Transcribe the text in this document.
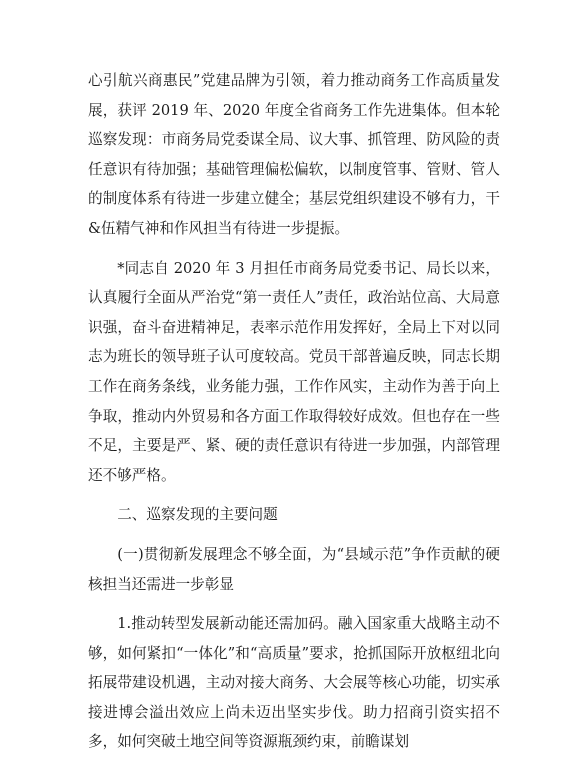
心引航兴商惠民”党建品牌为引领，着力推动商务工作高质量发展，获评 2019 年、2020 年度全省商务工作先进集体。但本轮巡察发现：市商务局党委谋全局、议大事、抓管理、防风险的责任意识有待加强；基础管理偏松偏软，以制度管事、管财、管人的制度体系有待进一步建立健全；基层党组织建设不够有力，干&伍精气神和作风担当有待进一步提振。

*同志自 2020 年 3 月担任市商务局党委书记、局长以来，认真履行全面从严治党“第一责任人”责任，政治站位高、大局意识强，奋斗奋进精神足，表率示范作用发挥好，全局上下对以同志为班长的领导班子认可度较高。党员干部普遍反映，同志长期工作在商务条线，业务能力强，工作作风实，主动作为善于向上争取，推动内外贸易和各方面工作取得较好成效。但也存在一些不足，主要是严、紧、硬的责任意识有待进一步加强，内部管理还不够严格。

二、巡察发现的主要问题

(一)贯彻新发展理念不够全面，为“县域示范”争作贡献的硬核担当还需进一步彰显

1.推动转型发展新动能还需加码。融入国家重大战略主动不够，如何紧扣“一体化”和“高质量”要求，抢抓国际开放枢纽北向拓展带建设机遇，主动对接大商务、大会展等核心功能，切实承接进博会溢出效应上尚未迈出坚实步伐。助力招商引资实招不多，如何突破土地空间等资源瓶颈约束，前瞻谋划
